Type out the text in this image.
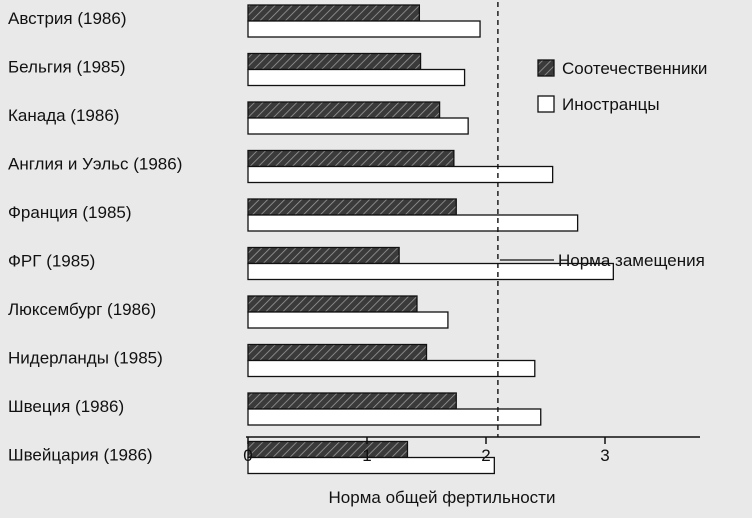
Австрия (1986)
Бельгия (1985)
Канада (1986)
Англия и Уэльс (1986)
Франция (1985)
ФРГ (1985)
Люксембург (1986)
Нидерланды (1985)
Швеция (1986)
Швейцария (1986)
Норма замещения
0	1	2	3
Норма общей фертильности
Соотечественники
Иностранцы
